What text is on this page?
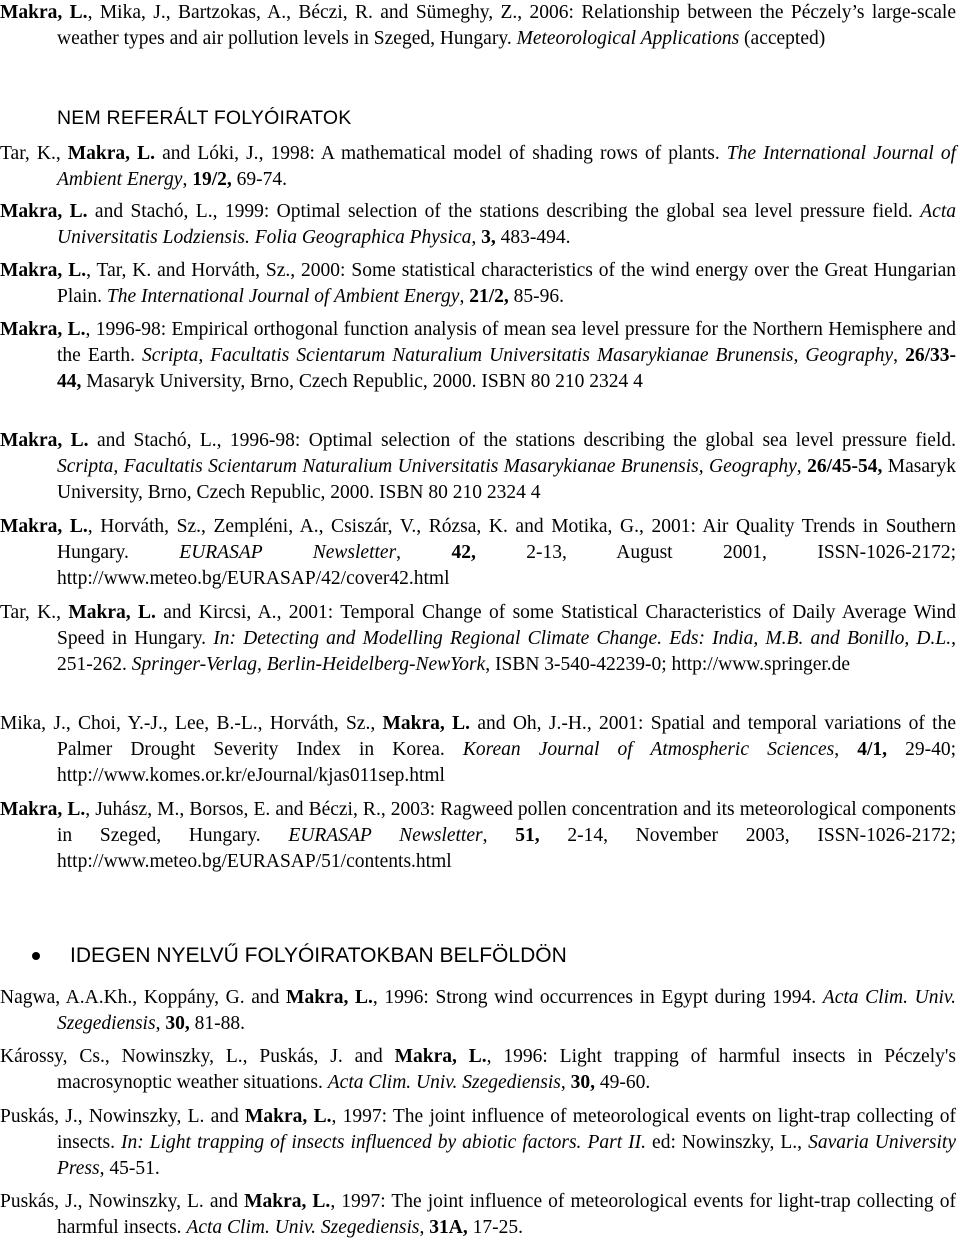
Makra, L., Mika, J., Bartzokas, A., Béczi, R. and Sümeghy, Z., 2006: Relationship between the Péczely’s large-scale weather types and air pollution levels in Szeged, Hungary. Meteorological Applications (accepted)
Tar, K., Makra, L. and Lóki, J., 1998: A mathematical model of shading rows of plants. The International Journal of Ambient Energy, 19/2, 69-74.
Makra, L. and Stachó, L., 1999: Optimal selection of the stations describing the global sea level pressure field. Acta Universitatis Lodziensis. Folia Geographica Physica, 3, 483-494.
Makra, L., Tar, K. and Horváth, Sz., 2000: Some statistical characteristics of the wind energy over the Great Hungarian Plain. The International Journal of Ambient Energy, 21/2, 85-96.
Makra, L., 1996-98: Empirical orthogonal function analysis of mean sea level pressure for the Northern Hemisphere and the Earth. Scripta, Facultatis Scientarum Naturalium Universitatis Masarykianae Brunensis, Geography, 26/33-44, Masaryk University, Brno, Czech Republic, 2000. ISBN 80 210 2324 4
Makra, L. and Stachó, L., 1996-98: Optimal selection of the stations describing the global sea level pressure field. Scripta, Facultatis Scientarum Naturalium Universitatis Masarykianae Brunensis, Geography, 26/45-54, Masaryk University, Brno, Czech Republic, 2000. ISBN 80 210 2324 4
Makra, L., Horváth, Sz., Zempléni, A., Csiszár, V., Rózsa, K. and Motika, G., 2001: Air Quality Trends in Southern Hungary. EURASAP Newsletter, 42, 2-13, August 2001, ISSN-1026-2172; http://www.meteo.bg/EURASAP/42/cover42.html
Tar, K., Makra, L. and Kircsi, A., 2001: Temporal Change of some Statistical Characteristics of Daily Average Wind Speed in Hungary. In: Detecting and Modelling Regional Climate Change. Eds: India, M.B. and Bonillo, D.L., 251-262. Springer-Verlag, Berlin-Heidelberg-NewYork, ISBN 3-540-42239-0; http://www.springer.de
Mika, J., Choi, Y.-J., Lee, B.-L., Horváth, Sz., Makra, L. and Oh, J.-H., 2001: Spatial and temporal variations of the Palmer Drought Severity Index in Korea. Korean Journal of Atmospheric Sciences, 4/1, 29-40; http://www.komes.or.kr/eJournal/kjas011sep.html
Makra, L., Juhász, M., Borsos, E. and Béczi, R., 2003: Ragweed pollen concentration and its meteorological components in Szeged, Hungary. EURASAP Newsletter, 51, 2-14, November 2003, ISSN-1026-2172; http://www.meteo.bg/EURASAP/51/contents.html
Nagwa, A.A.Kh., Koppány, G. and Makra, L., 1996: Strong wind occurrences in Egypt during 1994. Acta Clim. Univ. Szegediensis, 30, 81-88.
Károssy, Cs., Nowinszky, L., Puskás, J. and Makra, L., 1996: Light trapping of harmful insects in Péczely's macrosynoptic weather situations. Acta Clim. Univ. Szegediensis, 30, 49-60.
Puskás, J., Nowinszky, L. and Makra, L., 1997: The joint influence of meteorological events on light-trap collecting of insects. In: Light trapping of insects influenced by abiotic factors. Part II. ed: Nowinszky, L., Savaria University Press, 45-51.
Puskás, J., Nowinszky, L. and Makra, L., 1997: The joint influence of meteorological events for light-trap collecting of harmful insects. Acta Clim. Univ. Szegediensis, 31A, 17-25.
NEM REFERÁLT FOLYÓIRATOK
IDEGEN NYELVŰ FOLYÓIRATOKBAN BELFÖLDÖN
